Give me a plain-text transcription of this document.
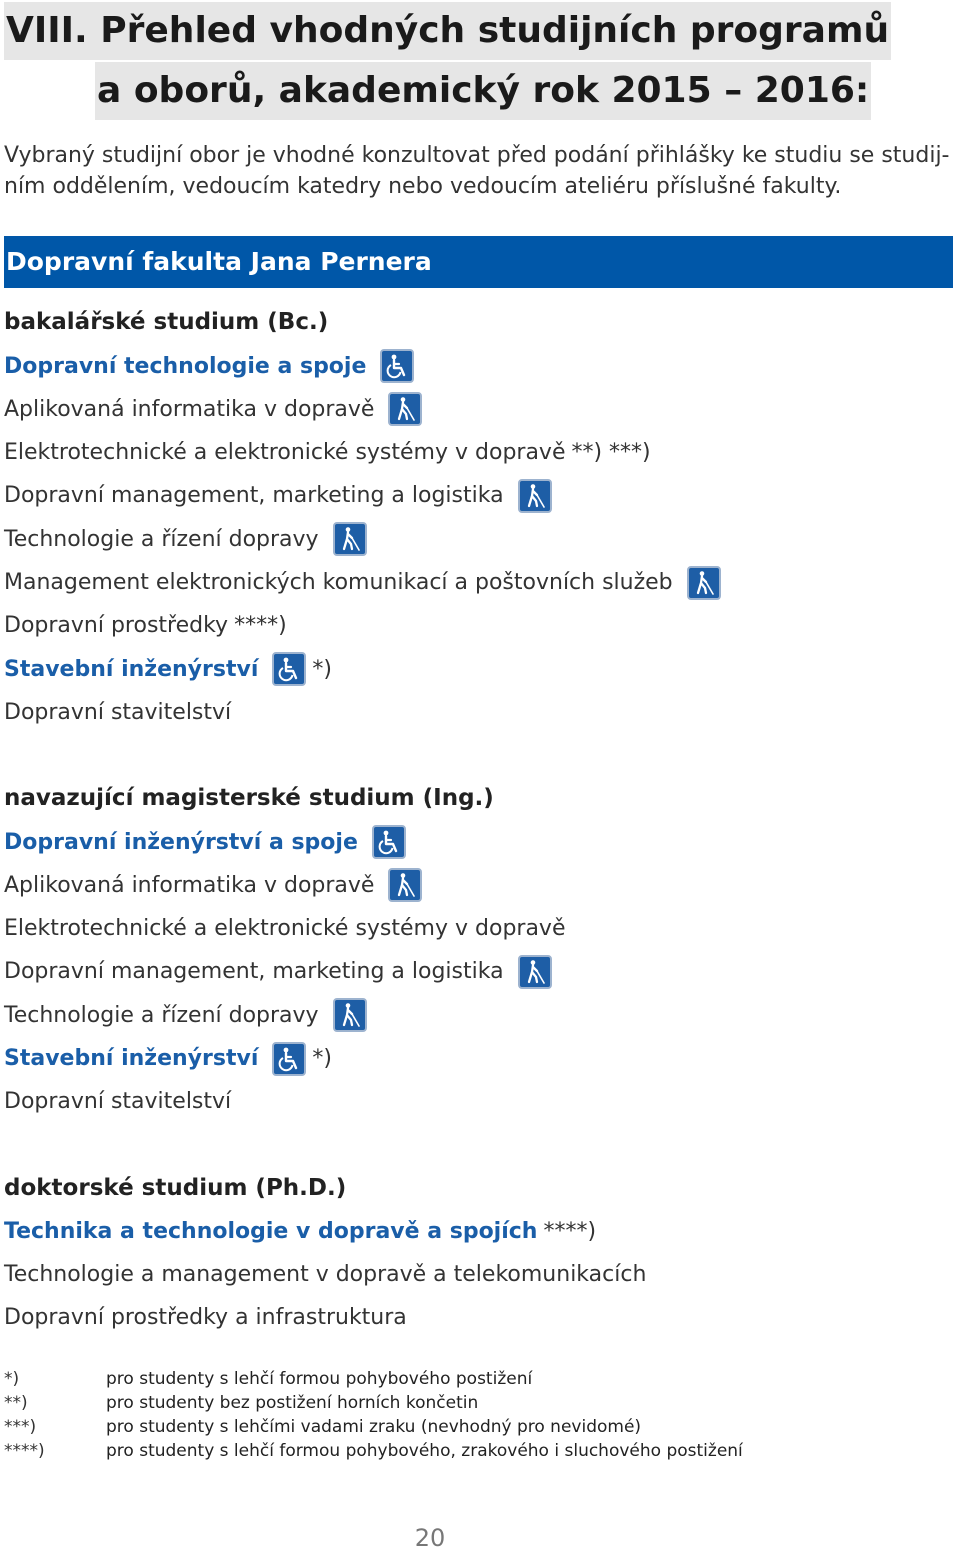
VIII. Přehled vhodných studijních programů
a oborů, akademický rok 2015 – 2016:
Vybraný studijní obor je vhodné konzultovat před podání přihlášky ke studiu se studij-
ním oddělením, vedoucím katedry nebo vedoucím ateliéru příslušné fakulty.
Dopravní fakulta Jana Pernera
bakalářské studium (Bc.)
navazující magisterské studium (Ing.)
doktorské studium (Ph.D.)
Dopravní technologie a spoje
Aplikovaná informatika v dopravě
Elektrotechnické a elektronické systémy v dopravě **) ***)
Dopravní management, marketing a logistika
Technologie a řízení dopravy
Management elektronických komunikací a poštovních služeb
Dopravní prostředky ****)
Stavební inženýrství *)
Dopravní stavitelství
Dopravní inženýrství a spoje
Aplikovaná informatika v dopravě
Elektrotechnické a elektronické systémy v dopravě
Dopravní management, marketing a logistika
Technologie a řízení dopravy
Stavební inženýrství *)
Dopravní stavitelství
Technika a technologie v dopravě a spojích ****)
Technologie a management v dopravě a telekomunikacích
Dopravní prostředky a infrastruktura
*)	pro studenty s lehčí formou pohybového postižení
**)	pro studenty bez postižení horních končetin
***)	pro studenty s lehčími vadami zraku (nevhodný pro nevidomé)
****)	pro studenty s lehčí formou pohybového, zrakového i sluchového postižení
20
